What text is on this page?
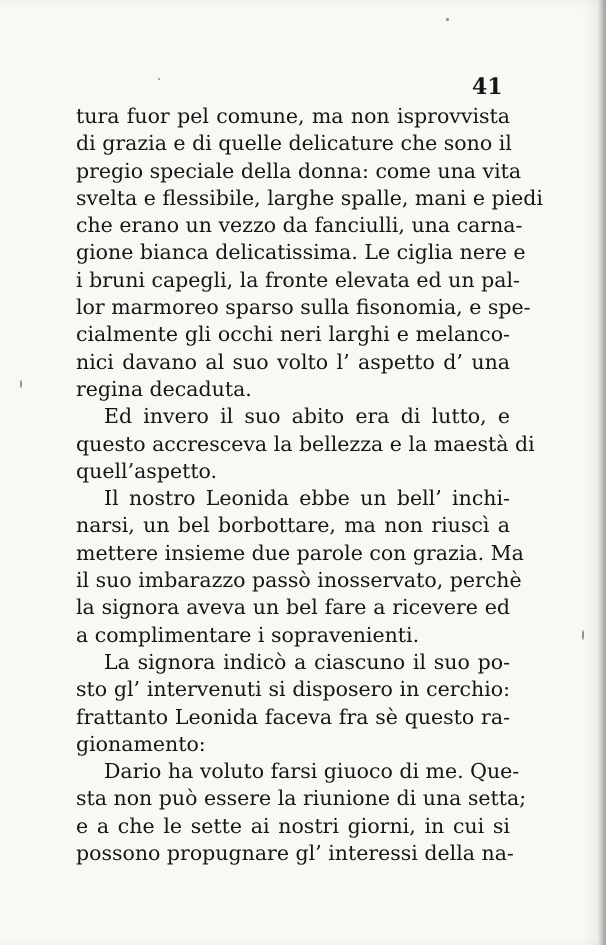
41
tura fuor pel comune, ma non isprovvista
di grazia e di quelle delicature che sono il
pregio speciale della donna: come una vita
svelta e flessibile, larghe spalle, mani e piedi
che erano un vezzo da fanciulli, una carna-
gione bianca delicatissima. Le ciglia nere e
i bruni capegli, la fronte elevata ed un pal-
lor marmoreo sparso sulla fisonomia, e spe-
cialmente gli occhi neri larghi e melanco-
nici davano al suo volto l’ aspetto d’ una
regina decaduta.
Ed invero il suo abito era di lutto, e
questo accresceva la bellezza e la maestà di
quell’aspetto.
Il nostro Leonida ebbe un bell’ inchi-
narsi, un bel borbottare, ma non riuscì a
mettere insieme due parole con grazia. Ma
il suo imbarazzo passò inosservato, perchè
la signora aveva un bel fare a ricevere ed
a complimentare i sopravenienti.
La signora indicò a ciascuno il suo po-
sto gl’ intervenuti si disposero in cerchio:
frattanto Leonida faceva fra sè questo ra-
gionamento:
Dario ha voluto farsi giuoco di me. Que-
sta non può essere la riunione di una setta;
e a che le sette ai nostri giorni, in cui si
possono propugnare gl’ interessi della na-
